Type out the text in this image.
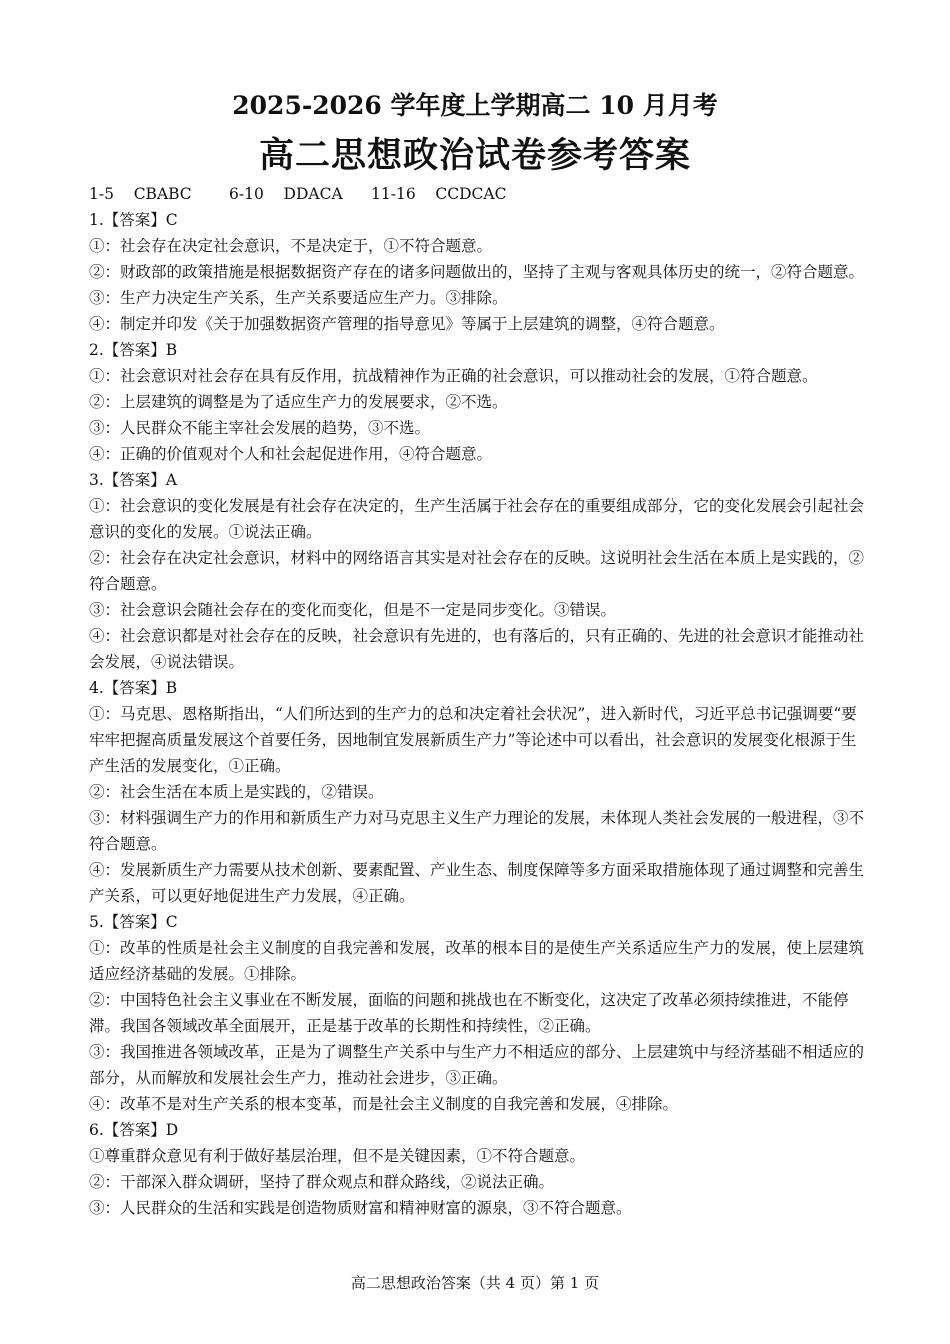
2025-2026 学年度上学期高二 10 月月考
高二思想政治试卷参考答案
1-5 CBABC 6-10 DDACA 11-16 CCDCAC
1.【答案】C
①：社会存在决定社会意识，不是决定于，①不符合题意。
②：财政部的政策措施是根据数据资产存在的诸多问题做出的，坚持了主观与客观具体历史的统一，②符合题意。
③：生产力决定生产关系，生产关系要适应生产力。③排除。
④：制定并印发《关于加强数据资产管理的指导意见》等属于上层建筑的调整，④符合题意。
2.【答案】B
①：社会意识对社会存在具有反作用，抗战精神作为正确的社会意识，可以推动社会的发展，①符合题意。
②：上层建筑的调整是为了适应生产力的发展要求，②不选。
③：人民群众不能主宰社会发展的趋势，③不选。
④：正确的价值观对个人和社会起促进作用，④符合题意。
3.【答案】A
①：社会意识的变化发展是有社会存在决定的，生产生活属于社会存在的重要组成部分，它的变化发展会引起社会意识的变化的发展。①说法正确。
②：社会存在决定社会意识，材料中的网络语言其实是对社会存在的反映。这说明社会生活在本质上是实践的，②符合题意。
③：社会意识会随社会存在的变化而变化，但是不一定是同步变化。③错误。
④：社会意识都是对社会存在的反映，社会意识有先进的，也有落后的，只有正确的、先进的社会意识才能推动社会发展，④说法错误。
4.【答案】B
①：马克思、恩格斯指出，“人们所达到的生产力的总和决定着社会状况”，进入新时代，习近平总书记强调要“要牢牢把握高质量发展这个首要任务，因地制宜发展新质生产力”等论述中可以看出，社会意识的发展变化根源于生产生活的发展变化，①正确。
②：社会生活在本质上是实践的，②错误。
③：材料强调生产力的作用和新质生产力对马克思主义生产力理论的发展，未体现人类社会发展的一般进程，③不符合题意。
④：发展新质生产力需要从技术创新、要素配置、产业生态、制度保障等多方面采取措施体现了通过调整和完善生产关系，可以更好地促进生产力发展，④正确。
5.【答案】C
①：改革的性质是社会主义制度的自我完善和发展，改革的根本目的是使生产关系适应生产力的发展，使上层建筑适应经济基础的发展。①排除。
②：中国特色社会主义事业在不断发展，面临的问题和挑战也在不断变化，这决定了改革必须持续推进，不能停滞。我国各领域改革全面展开，正是基于改革的长期性和持续性，②正确。
③：我国推进各领域改革，正是为了调整生产关系中与生产力不相适应的部分、上层建筑中与经济基础不相适应的部分，从而解放和发展社会生产力，推动社会进步，③正确。
④：改革不是对生产关系的根本变革，而是社会主义制度的自我完善和发展，④排除。
6.【答案】D
①尊重群众意见有利于做好基层治理，但不是关键因素，①不符合题意。
②：干部深入群众调研，坚持了群众观点和群众路线，②说法正确。
③：人民群众的生活和实践是创造物质财富和精神财富的源泉，③不符合题意。
高二思想政治答案（共 4 页）第 1 页
